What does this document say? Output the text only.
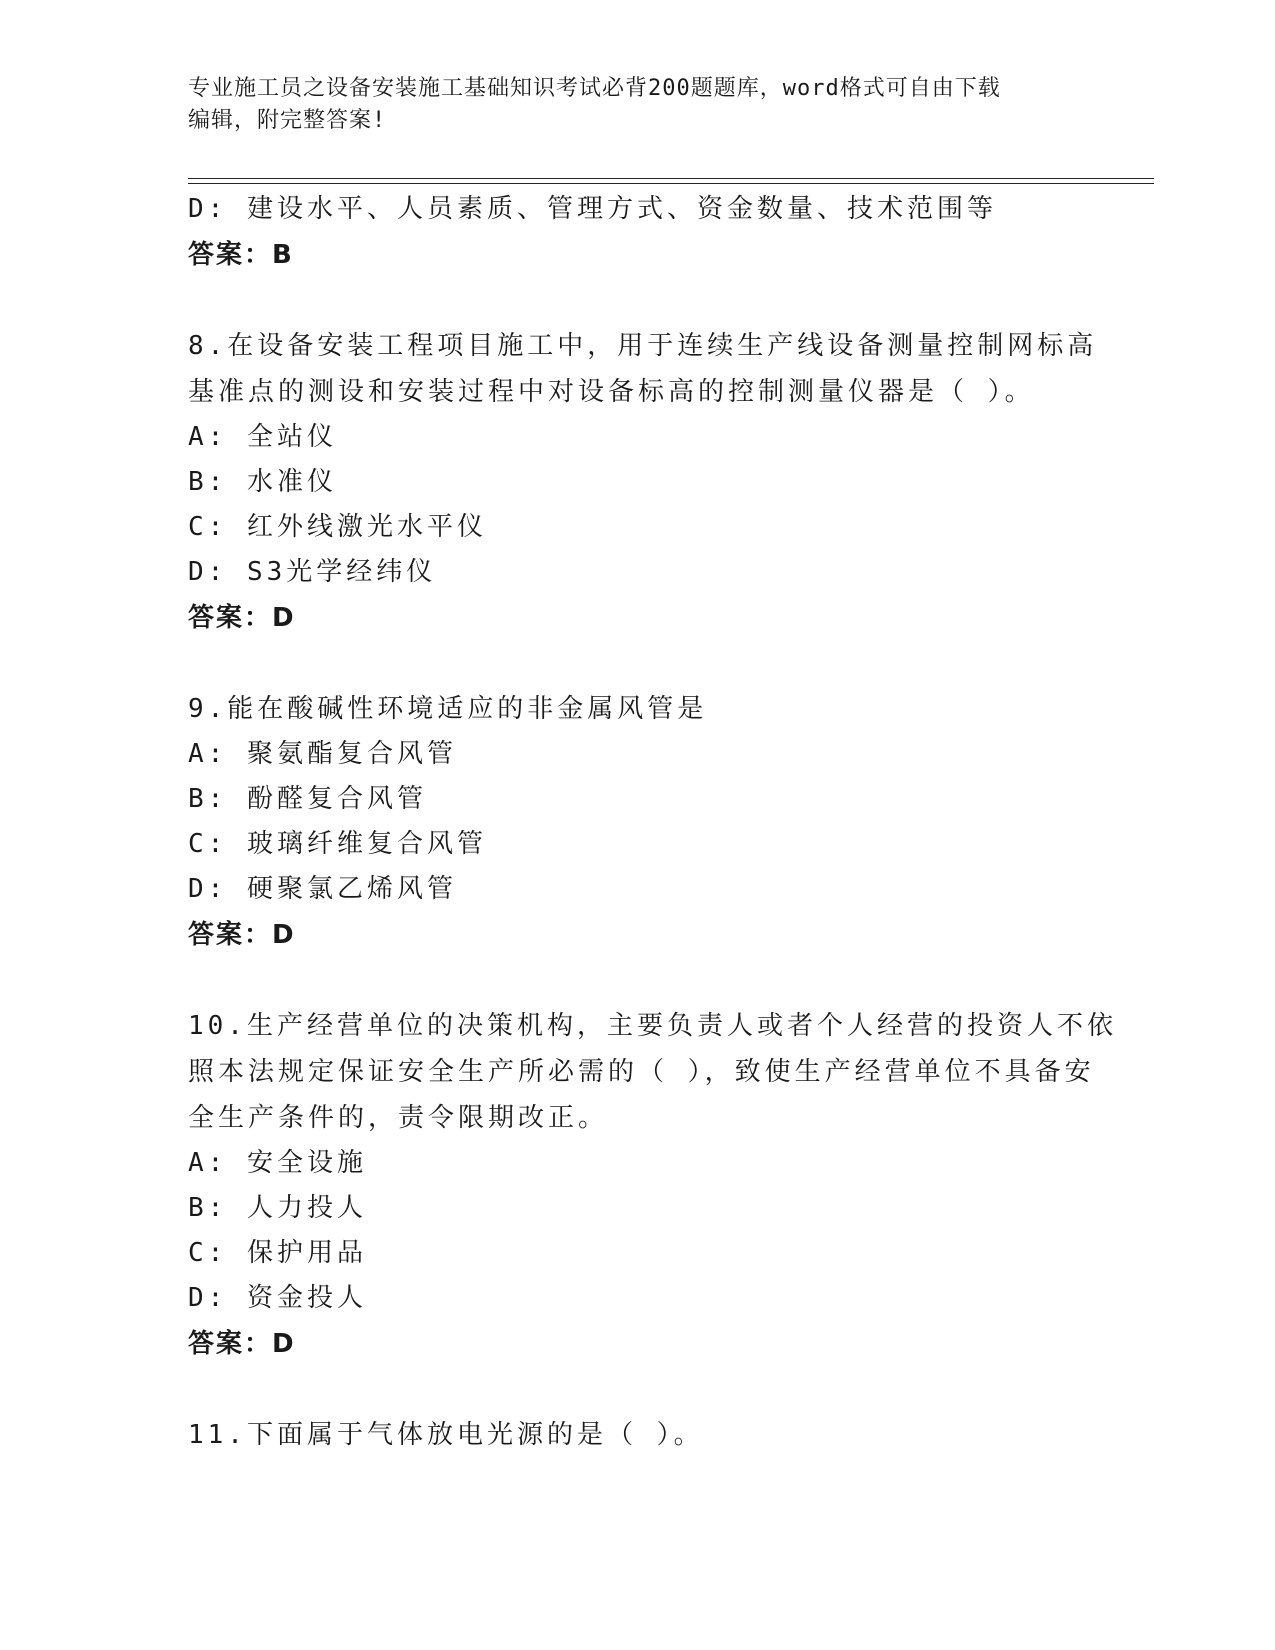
专业施工员之设备安装施工基础知识考试必背200题题库，word格式可自由下载
编辑，附完整答案!
D: 建设水平、人员素质、管理方式、资金数量、技术范围等
答案：B
8.在设备安装工程项目施工中，用于连续生产线设备测量控制网标高
基准点的测设和安装过程中对设备标高的控制测量仪器是（ ）。
A: 全站仪
B: 水准仪
C: 红外线激光水平仪
D: S3光学经纬仪
答案：D
9.能在酸碱性环境适应的非金属风管是
A: 聚氨酯复合风管
B: 酚醛复合风管
C: 玻璃纤维复合风管
D: 硬聚氯乙烯风管
答案：D
10.生产经营单位的决策机构，主要负责人或者个人经营的投资人不依
照本法规定保证安全生产所必需的（ ），致使生产经营单位不具备安
全生产条件的，责令限期改正。
A: 安全设施
B: 人力投人
C: 保护用品
D: 资金投人
答案：D
11.下面属于气体放电光源的是（ ）。
